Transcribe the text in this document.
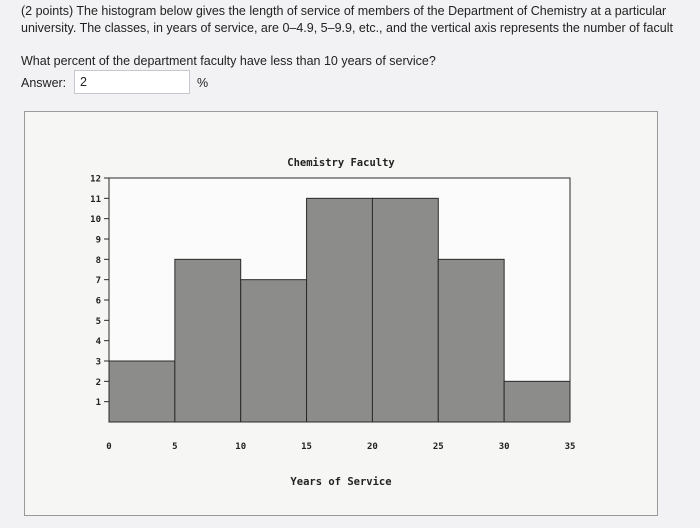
(2 points) The histogram below gives the length of service of members of the Department of Chemistry at a particular
university. The classes, in years of service, are 0–4.9, 5–9.9, etc., and the vertical axis represents the number of facult
What percent of the department faculty have less than 10 years of service?
Answer:
2	%
1
2
3
4
5
6
7
8
9
10
11
12
0	5	10	15	20	25	30	35
Chemistry Faculty
Years of Service
